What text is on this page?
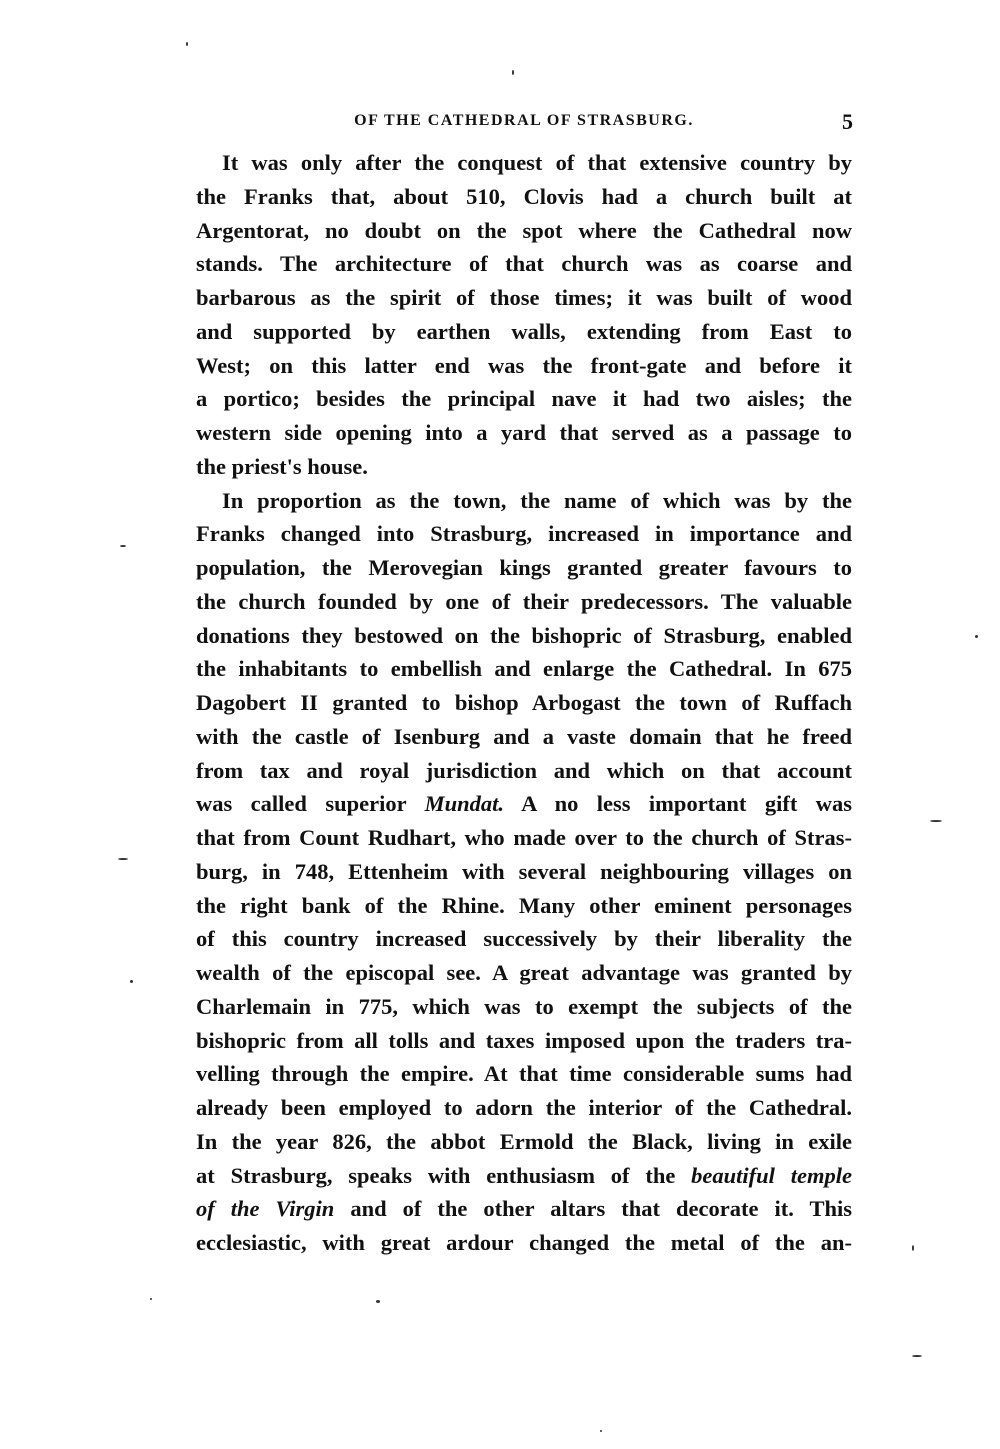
OF THE CATHEDRAL OF STRASBURG.	5
It was only after the conquest of that extensive country by
the Franks that, about 510, Clovis had a church built at
Argentorat, no doubt on the spot where the Cathedral now
stands. The architecture of that church was as coarse and
barbarous as the spirit of those times; it was built of wood
and supported by earthen walls, extending from East to
West; on this latter end was the front-gate and before it
a portico; besides the principal nave it had two aisles; the
western side opening into a yard that served as a passage to
the priest's house.
In proportion as the town, the name of which was by the
Franks changed into Strasburg, increased in importance and
population, the Merovegian kings granted greater favours to
the church founded by one of their predecessors. The valuable
donations they bestowed on the bishopric of Strasburg, enabled
the inhabitants to embellish and enlarge the Cathedral. In 675
Dagobert II granted to bishop Arbogast the town of Ruffach
with the castle of Isenburg and a vaste domain that he freed
from tax and royal jurisdiction and which on that account
was called superior Mundat. A no less important gift was
that from Count Rudhart, who made over to the church of Stras-
burg, in 748, Ettenheim with several neighbouring villages on
the right bank of the Rhine. Many other eminent personages
of this country increased successively by their liberality the
wealth of the episcopal see. A great advantage was granted by
Charlemain in 775, which was to exempt the subjects of the
bishopric from all tolls and taxes imposed upon the traders tra-
velling through the empire. At that time considerable sums had
already been employed to adorn the interior of the Cathedral.
In the year 826, the abbot Ermold the Black, living in exile
at Strasburg, speaks with enthusiasm of the beautiful temple
of the Virgin and of the other altars that decorate it. This
ecclesiastic, with great ardour changed the metal of the an-
